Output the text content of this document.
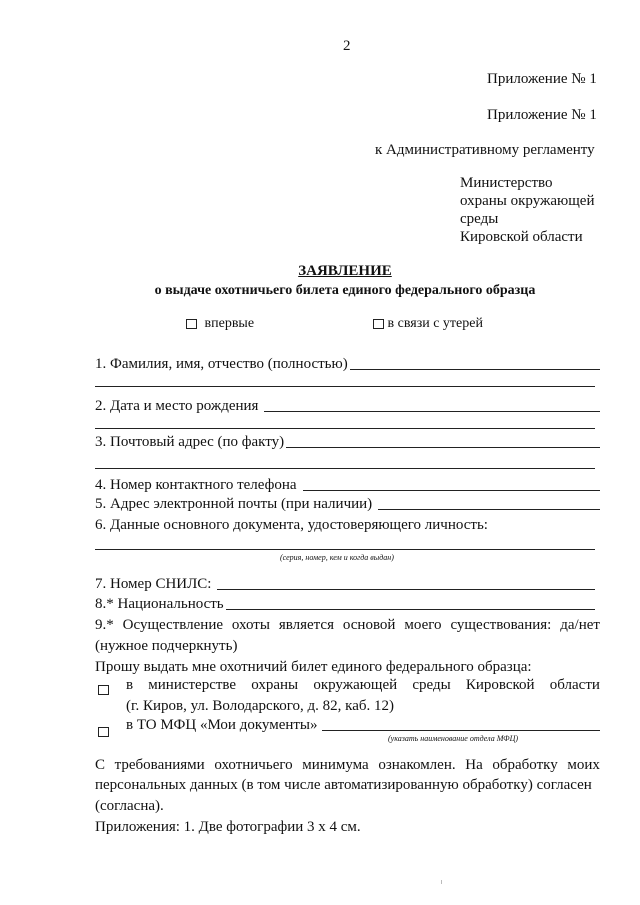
2
Приложение № 1
Приложение № 1
к Административному регламенту
Министерство
охраны окружающей
среды
Кировской области
ЗАЯВЛЕНИЕ
о выдаче охотничьего билета единого федерального образца
впервые	в связи с утерей
1. Фамилия, имя, отчество (полностью)
2. Дата и место рождения
3. Почтовый адрес (по факту)
4. Номер контактного телефона
5. Адрес электронной почты (при наличии)
6. Данные основного документа, удостоверяющего личность:
(серия, номер, кем и когда выдан)
7. Номер СНИЛС:
8.* Национальность
9.* Осуществление охоты является основой моего существования: да/нет
(нужное подчеркнуть)
Прошу выдать мне охотничий билет единого федерального образца:
в министерстве охраны окружающей среды Кировской области
(г. Киров, ул. Володарского, д. 82, каб. 12)
в ТО МФЦ «Мои документы»
(указать наименование отдела МФЦ)
С требованиями охотничьего минимума ознакомлен. На обработку моих
персональных данных (в том числе автоматизированную обработку) согласен
(согласна).
Приложения: 1. Две фотографии 3 х 4 см.
